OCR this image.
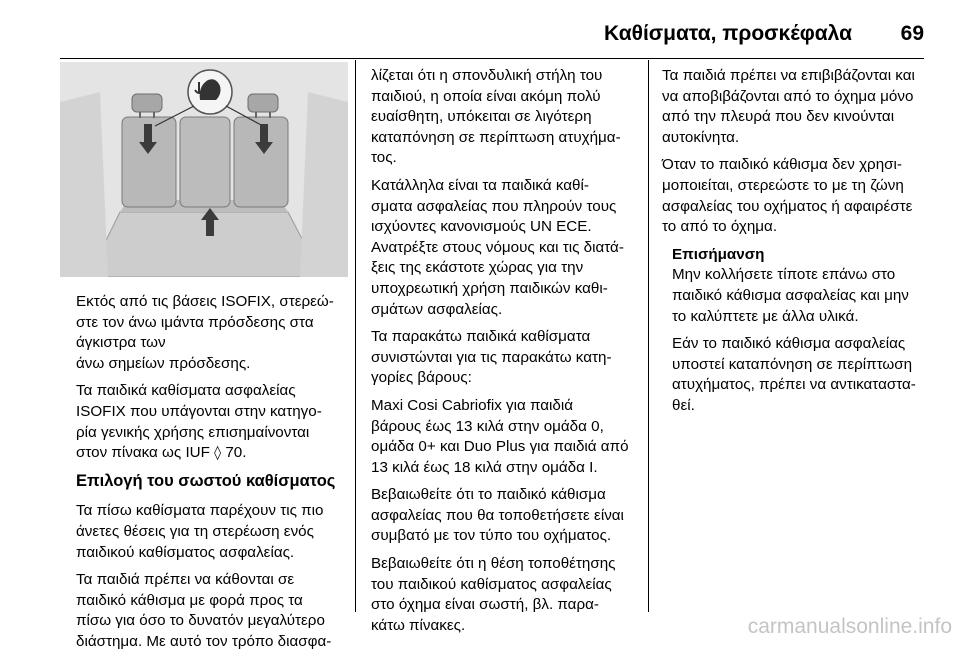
Καθίσματα, προσκέφαλα 69

Εκτός από τις βάσεις ISOFIX, στερεώ-
στε τον άνω ιμάντα πρόσδεσης στα
άγκιστρα των
άνω σημείων πρόσδεσης.

Τα παιδικά καθίσματα ασφαλείας
ISOFIX που υπάγονται στην κατηγο-
ρία γενικής χρήσης επισημαίνονται
στον πίνακα ως IUF ◊ 70.

Επιλογή του σωστού καθίσματος

Τα πίσω καθίσματα παρέχουν τις πιο
άνετες θέσεις για τη στερέωση ενός
παιδικού καθίσματος ασφαλείας.

Τα παιδιά πρέπει να κάθονται σε
παιδικό κάθισμα με φορά προς τα
πίσω για όσο το δυνατόν μεγαλύτερο
διάστημα. Με αυτό τον τρόπο διασφα-

λίζεται ότι η σπονδυλική στήλη του
παιδιού, η οποία είναι ακόμη πολύ
ευαίσθητη, υπόκειται σε λιγότερη
καταπόνηση σε περίπτωση ατυχήμα-
τος.

Κατάλληλα είναι τα παιδικά καθί-
σματα ασφαλείας που πληρούν τους
ισχύοντες κανονισμούς UN ECE.
Ανατρέξτε στους νόμους και τις διατά-
ξεις της εκάστοτε χώρας για την
υποχρεωτική χρήση παιδικών καθι-
σμάτων ασφαλείας.

Τα παρακάτω παιδικά καθίσματα
συνιστώνται για τις παρακάτω κατη-
γορίες βάρους:

Maxi Cosi Cabriofix για παιδιά
βάρους έως 13 κιλά στην ομάδα 0,
ομάδα 0+ και Duo Plus για παιδιά από
13 κιλά έως 18 κιλά στην ομάδα I.

Βεβαιωθείτε ότι το παιδικό κάθισμα
ασφαλείας που θα τοποθετήσετε είναι
συμβατό με τον τύπο του οχήματος.

Βεβαιωθείτε ότι η θέση τοποθέτησης
του παιδικού καθίσματος ασφαλείας
στο όχημα είναι σωστή, βλ. παρα-
κάτω πίνακες.

Τα παιδιά πρέπει να επιβιβάζονται και
να αποβιβάζονται από το όχημα μόνο
από την πλευρά που δεν κινούνται
αυτοκίνητα.

Όταν το παιδικό κάθισμα δεν χρησι-
μοποιείται, στερεώστε το με τη ζώνη
ασφαλείας του οχήματος ή αφαιρέστε
το από το όχημα.

Επισήμανση

Μην κολλήσετε τίποτε επάνω στο
παιδικό κάθισμα ασφαλείας και μην
το καλύπτετε με άλλα υλικά.

Εάν το παιδικό κάθισμα ασφαλείας
υποστεί καταπόνηση σε περίπτωση
ατυχήματος, πρέπει να αντικαταστα-
θεί.

carmanualsonline.info
